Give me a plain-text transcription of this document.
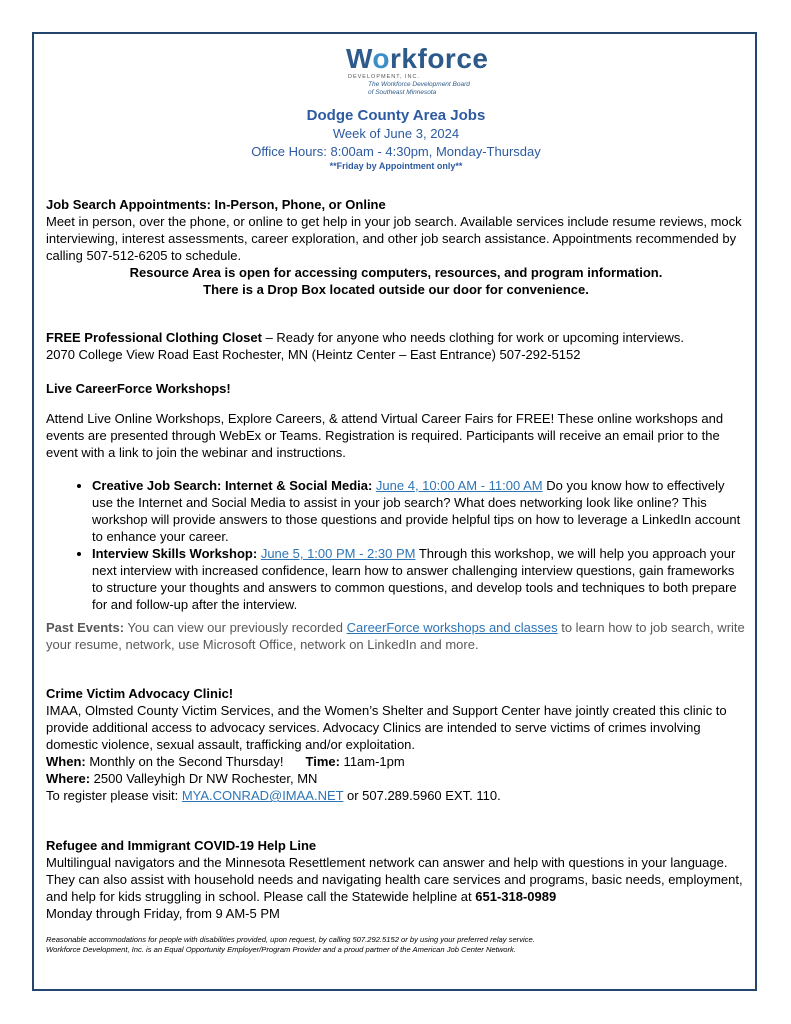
Workforce
DEVELOPMENT, INC.
The Workforce Development Board
of Southeast Minnesota
Dodge County Area Jobs
Week of June 3, 2024
Office Hours: 8:00am - 4:30pm, Monday-Thursday
**Friday by Appointment only**
Job Search Appointments: In-Person, Phone, or Online
Meet in person, over the phone, or online to get help in your job search. Available services include resume reviews, mock interviewing, interest assessments, career exploration, and other job search assistance. Appointments recommended by calling 507-512-6205 to schedule.
Resource Area is open for accessing computers, resources, and program information.
There is a Drop Box located outside our door for convenience.
FREE Professional Clothing Closet – Ready for anyone who needs clothing for work or upcoming interviews.
2070 College View Road East Rochester, MN (Heintz Center – East Entrance) 507-292-5152
Live CareerForce Workshops!
Attend Live Online Workshops, Explore Careers, & attend Virtual Career Fairs for FREE! These online workshops and events are presented through WebEx or Teams. Registration is required. Participants will receive an email prior to the event with a link to join the webinar and instructions.
• Creative Job Search: Internet & Social Media: June 4, 10:00 AM - 11:00 AM Do you know how to effectively use the Internet and Social Media to assist in your job search? What does networking look like online? This workshop will provide answers to those questions and provide helpful tips on how to leverage a LinkedIn account to enhance your career.
• Interview Skills Workshop: June 5, 1:00 PM - 2:30 PM Through this workshop, we will help you approach your next interview with increased confidence, learn how to answer challenging interview questions, gain frameworks to structure your thoughts and answers to common questions, and develop tools and techniques to both prepare for and follow-up after the interview.
Past Events: You can view our previously recorded CareerForce workshops and classes to learn how to job search, write your resume, network, use Microsoft Office, network on LinkedIn and more.
Crime Victim Advocacy Clinic!
IMAA, Olmsted County Victim Services, and the Women’s Shelter and Support Center have jointly created this clinic to provide additional access to advocacy services. Advocacy Clinics are intended to serve victims of crimes involving domestic violence, sexual assault, trafficking and/or exploitation.
When: Monthly on the Second Thursday! Time: 11am-1pm
Where: 2500 Valleyhigh Dr NW Rochester, MN
To register please visit: MYA.CONRAD@IMAA.NET or 507.289.5960 EXT. 110.
Refugee and Immigrant COVID-19 Help Line
Multilingual navigators and the Minnesota Resettlement network can answer and help with questions in your language. They can also assist with household needs and navigating health care services and programs, basic needs, employment, and help for kids struggling in school. Please call the Statewide helpline at 651-318-0989
Monday through Friday, from 9 AM-5 PM
Reasonable accommodations for people with disabilities provided, upon request, by calling 507.292.5152 or by using your preferred relay service.
Workforce Development, Inc. is an Equal Opportunity Employer/Program Provider and a proud partner of the American Job Center Network.
